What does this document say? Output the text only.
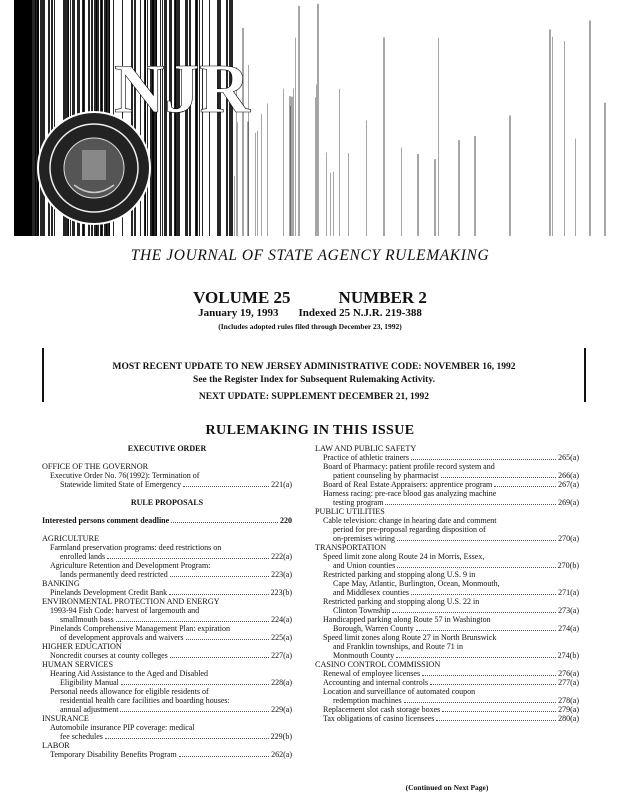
NJR
THE JOURNAL OF STATE AGENCY RULEMAKING
VOLUME 25	NUMBER 2
January 19, 1993 Indexed 25 N.J.R. 219-388
(Includes adopted rules filed through December 23, 1992)
MOST RECENT UPDATE TO NEW JERSEY ADMINISTRATIVE CODE: NOVEMBER 16, 1992
See the Register Index for Subsequent Rulemaking Activity.
NEXT UPDATE: SUPPLEMENT DECEMBER 21, 1992
RULEMAKING IN THIS ISSUE
EXECUTIVE ORDER
OFFICE OF THE GOVERNOR
Executive Order No. 76(1992): Termination of
Statewide limited State of Emergency	221(a)
RULE PROPOSALS
Interested persons comment deadline	220
AGRICULTURE
Farmland preservation programs: deed restrictions on
enrolled lands	222(a)
Agriculture Retention and Development Program:
lands permanently deed restricted	223(a)
BANKING
Pinelands Development Credit Bank	223(b)
ENVIRONMENTAL PROTECTION AND ENERGY
1993-94 Fish Code: harvest of largemouth and
smallmouth bass	224(a)
Pinelands Comprehensive Management Plan: expiration
of development approvals and waivers	225(a)
HIGHER EDUCATION
Noncredit courses at county colleges	227(a)
HUMAN SERVICES
Hearing Aid Assistance to the Aged and Disabled
Eligibility Manual	228(a)
Personal needs allowance for eligible residents of
residential health care facilities and boarding houses:
annual adjustment	229(a)
INSURANCE
Automobile insurance PIP coverage: medical
fee schedules	229(b)
LABOR
Temporary Disability Benefits Program	262(a)
LAW AND PUBLIC SAFETY
Practice of athletic trainers	265(a)
Board of Pharmacy: patient profile record system and
patient counseling by pharmacist	266(a)
Board of Real Estate Appraisers: apprentice program	267(a)
Harness racing: pre-race blood gas analyzing machine
testing program	269(a)
PUBLIC UTILITIES
Cable television: change in hearing date and comment
period for pre-proposal regarding disposition of
on-premises wiring	270(a)
TRANSPORTATION
Speed limit zone along Route 24 in Morris, Essex,
and Union counties	270(b)
Restricted parking and stopping along U.S. 9 in
Cape May, Atlantic, Burlington, Ocean, Monmouth,
and Middlesex counties	271(a)
Restricted parking and stopping along U.S. 22 in
Clinton Township	273(a)
Handicapped parking along Route 57 in Washington
Borough, Warren County	274(a)
Speed limit zones along Route 27 in North Brunswick
and Franklin townships, and Route 71 in
Monmouth County	274(b)
CASINO CONTROL COMMISSION
Renewal of employee licenses	276(a)
Accounting and internal controls	277(a)
Location and surveillance of automated coupon
redemption machines	278(a)
Replacement slot cash storage boxes	279(a)
Tax obligations of casino licensees	280(a)
(Continued on Next Page)
